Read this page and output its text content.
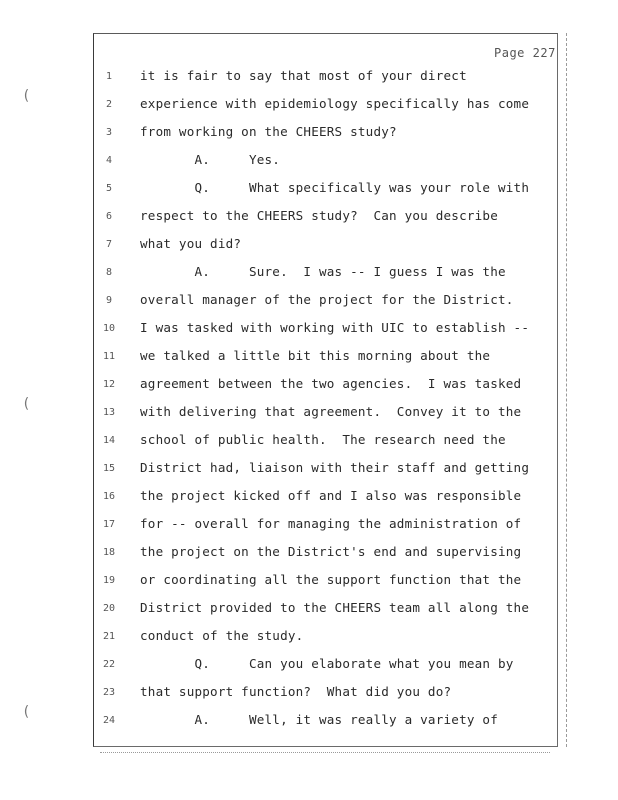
(
(
(
Page 227
1	it is fair to say that most of your direct
2	experience with epidemiology specifically has come
3	from working on the CHEERS study?
4	A.     Yes.
5	Q.     What specifically was your role with
6	respect to the CHEERS study?  Can you describe
7	what you did?
8	A.     Sure.  I was -- I guess I was the
9	overall manager of the project for the District.
10	I was tasked with working with UIC to establish --
11	we talked a little bit this morning about the
12	agreement between the two agencies.  I was tasked
13	with delivering that agreement.  Convey it to the
14	school of public health.  The research need the
15	District had, liaison with their staff and getting
16	the project kicked off and I also was responsible
17	for -- overall for managing the administration of
18	the project on the District's end and supervising
19	or coordinating all the support function that the
20	District provided to the CHEERS team all along the
21	conduct of the study.
22	Q.     Can you elaborate what you mean by
23	that support function?  What did you do?
24	A.     Well, it was really a variety of
